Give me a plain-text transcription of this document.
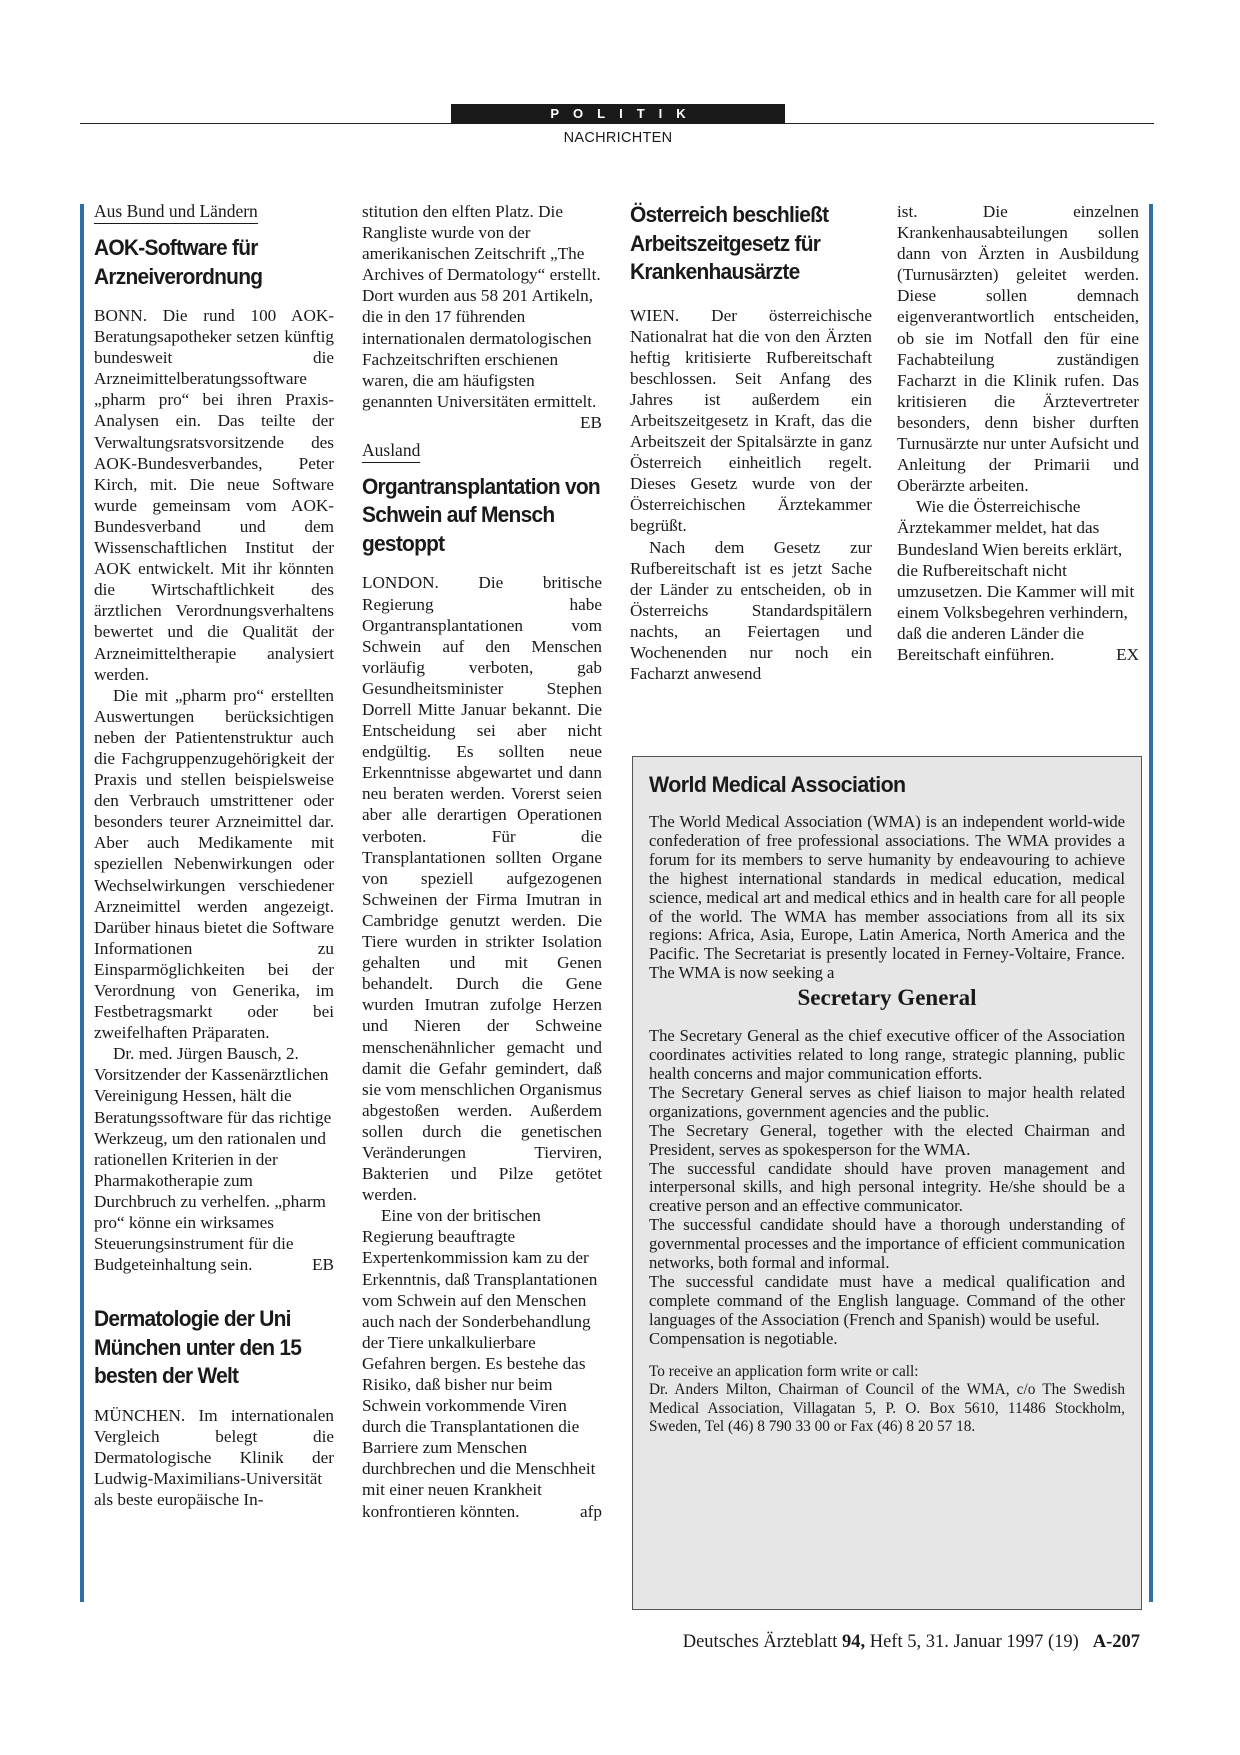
POLITIK
NACHRICHTEN
Aus Bund und Ländern
AOK-Software für Arzneiverordnung

BONN. Die rund 100 AOK-Beratungsapotheker setzen künftig bundesweit die Arzneimittelberatungssoftware „pharm pro“ bei ihren Praxis-Analysen ein. Das teilte der Verwaltungsratsvorsitzende des AOK-Bundesverbandes, Peter Kirch, mit. Die neue Software wurde gemeinsam vom AOK-Bundesverband und dem Wissenschaftlichen Institut der AOK entwickelt. Mit ihr könnten die Wirtschaftlichkeit des ärztlichen Verordnungsverhaltens bewertet und die Qualität der Arzneimitteltherapie analysiert werden.

Die mit „pharm pro“ erstellten Auswertungen berücksichtigen neben der Patientenstruktur auch die Fachgruppenzugehörigkeit der Praxis und stellen beispielsweise den Verbrauch umstrittener oder besonders teurer Arzneimittel dar. Aber auch Medikamente mit speziellen Nebenwirkungen oder Wechselwirkungen verschiedener Arzneimittel werden angezeigt. Darüber hinaus bietet die Software Informationen zu Einsparmöglichkeiten bei der Verordnung von Generika, im Festbetragsmarkt oder bei zweifelhaften Präparaten.

Dr. med. Jürgen Bausch, 2. Vorsitzender der Kassenärztlichen Vereinigung Hessen, hält die Beratungssoftware für das richtige Werkzeug, um den rationalen und rationellen Kriterien in der Pharmakotherapie zum Durchbruch zu verhelfen. „pharm pro“ könne ein wirksames Steuerungsinstrument für die Budgeteinhaltung sein.	EB

Dermatologie der Uni München unter den 15 besten der Welt

MÜNCHEN. Im internationalen Vergleich belegt die Dermatologische Klinik der Ludwig-Maximilians-Universität als beste europäische In-

stitution den elften Platz. Die Rangliste wurde von der amerikanischen Zeitschrift „The Archives of Dermatology“ erstellt. Dort wurden aus 58 201 Artikeln, die in den 17 führenden internationalen dermatologischen Fachzeitschriften erschienen waren, die am häufigsten genannten Universitäten ermittelt.
EB

Ausland
Organtransplantation von Schwein auf Mensch gestoppt

LONDON. Die britische Regierung habe Organtransplantationen vom Schwein auf den Menschen vorläufig verboten, gab Gesundheitsminister Stephen Dorrell Mitte Januar bekannt. Die Entscheidung sei aber nicht endgültig. Es sollten neue Erkenntnisse abgewartet und dann neu beraten werden. Vorerst seien aber alle derartigen Operationen verboten. Für die Transplantationen sollten Organe von speziell aufgezogenen Schweinen der Firma Imutran in Cambridge genutzt werden. Die Tiere wurden in strikter Isolation gehalten und mit Genen behandelt. Durch die Gene wurden Imutran zufolge Herzen und Nieren der Schweine menschenähnlicher gemacht und damit die Gefahr gemindert, daß sie vom menschlichen Organismus abgestoßen werden. Außerdem sollen durch die genetischen Veränderungen Tierviren, Bakterien und Pilze getötet werden.

Eine von der britischen Regierung beauftragte Expertenkommission kam zu der Erkenntnis, daß Transplantationen vom Schwein auf den Menschen auch nach der Sonderbehandlung der Tiere unkalkulierbare Gefahren bergen. Es bestehe das Risiko, daß bisher nur beim Schwein vorkommende Viren durch die Transplantationen die Barriere zum Menschen durchbrechen und die Menschheit mit einer neuen Krankheit konfrontieren könnten.	afp

Österreich beschließt Arbeitszeitgesetz für Krankenhausärzte

WIEN. Der österreichische Nationalrat hat die von den Ärzten heftig kritisierte Rufbereitschaft beschlossen. Seit Anfang des Jahres ist außerdem ein Arbeitszeitgesetz in Kraft, das die Arbeitszeit der Spitalsärzte in ganz Österreich einheitlich regelt. Dieses Gesetz wurde von der Österreichischen Ärztekammer begrüßt.

Nach dem Gesetz zur Rufbereitschaft ist es jetzt Sache der Länder zu entscheiden, ob in Österreichs Standardspitälern nachts, an Feiertagen und Wochenenden nur noch ein Facharzt anwesend

ist. Die einzelnen Krankenhausabteilungen sollen dann von Ärzten in Ausbildung (Turnusärzten) geleitet werden. Diese sollen demnach eigenverantwortlich entscheiden, ob sie im Notfall den für eine Fachabteilung zuständigen Facharzt in die Klinik rufen. Das kritisieren die Ärztevertreter besonders, denn bisher durften Turnusärzte nur unter Aufsicht und Anleitung der Primarii und Oberärzte arbeiten.

Wie die Österreichische Ärztekammer meldet, hat das Bundesland Wien bereits erklärt, die Rufbereitschaft nicht umzusetzen. Die Kammer will mit einem Volksbegehren verhindern, daß die anderen Länder die Bereitschaft einführen.	EX

World Medical Association

The World Medical Association (WMA) is an independent world-wide confederation of free professional associations. The WMA provides a forum for its members to serve humanity by endeavouring to achieve the highest international standards in medical education, medical science, medical art and medical ethics and in health care for all people of the world. The WMA has member associations from all its six regions: Africa, Asia, Europe, Latin America, North America and the Pacific. The Secretariat is presently located in Ferney-Voltaire, France. The WMA is now seeking a

Secretary General

The Secretary General as the chief executive officer of the Association coordinates activities related to long range, strategic planning, public health concerns and major communication efforts.

The Secretary General serves as chief liaison to major health related organizations, government agencies and the public.

The Secretary General, together with the elected Chairman and President, serves as spokesperson for the WMA.

The successful candidate should have proven management and interpersonal skills, and high personal integrity. He/she should be a creative person and an effective communicator.

The successful candidate should have a thorough understanding of governmental processes and the importance of efficient communication networks, both formal and informal.

The successful candidate must have a medical qualification and complete command of the English language. Command of the other languages of the Association (French and Spanish) would be useful.

Compensation is negotiable.

To receive an application form write or call:
Dr. Anders Milton, Chairman of Council of the WMA, c/o The Swedish Medical Association, Villagatan 5, P. O. Box 5610, 11486 Stockholm, Sweden, Tel (46) 8 790 33 00 or Fax (46) 8 20 57 18.
Deutsches Ärzteblatt 94, Heft 5, 31. Januar 1997 (19) A-207
